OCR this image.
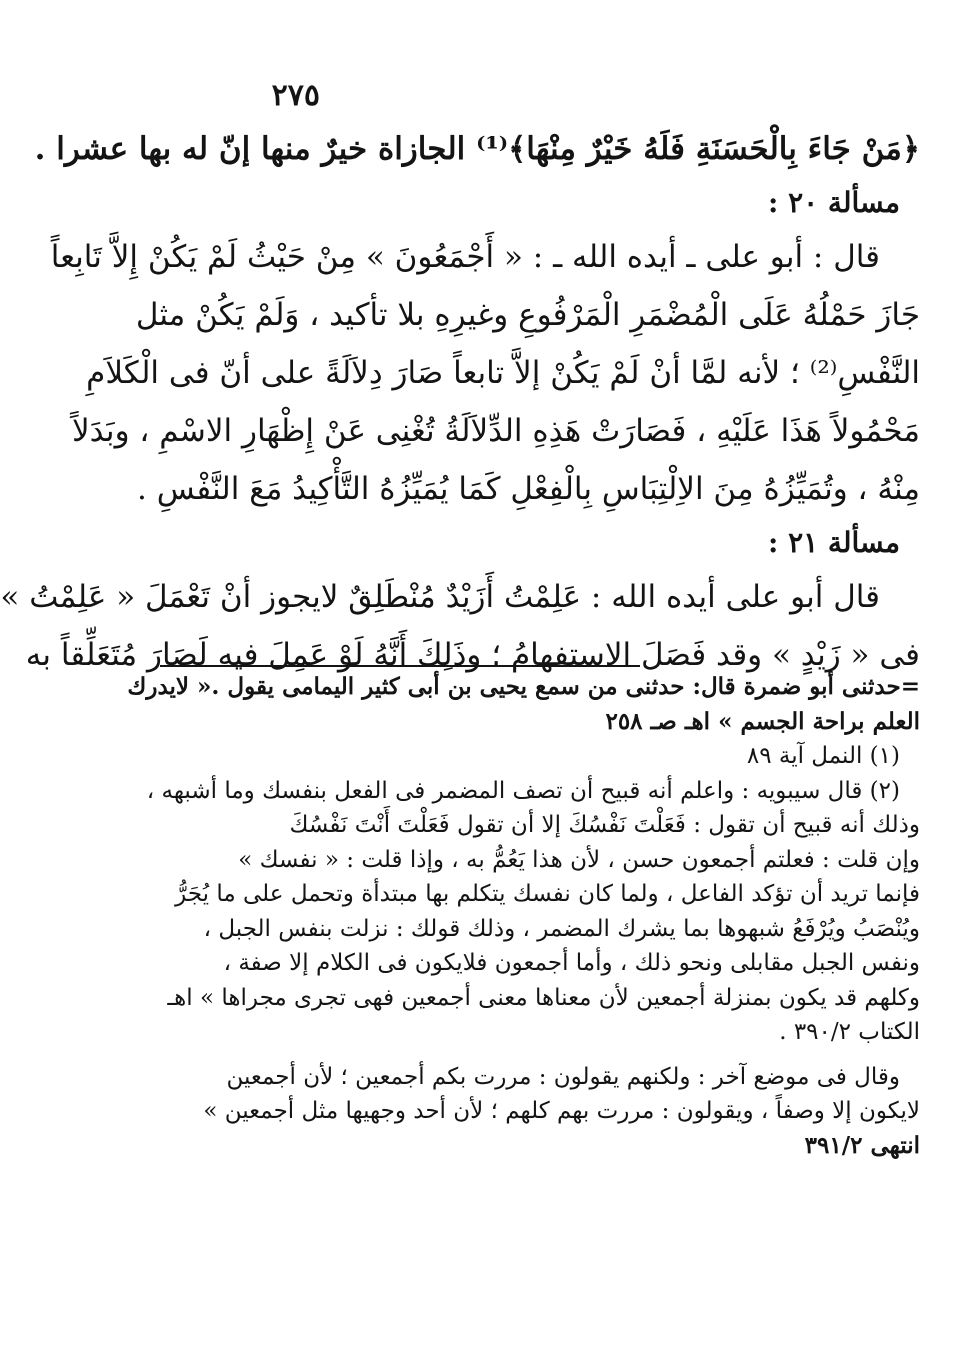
٢٧٥
﴿مَنْ جَاءَ بِالْحَسَنَةِ فَلَهُ خَيْرٌ مِنْهَا﴾⁽¹⁾ الجازاة خيرٌ منها إنّ له بها عشرا .
مسألة ٢٠ :
قال : أبو على ـ أيده الله ـ : « أَجْمَعُونَ » مِنْ حَيْثُ لَمْ يَكُنْ إِلاَّ تَابِعاً
جَازَ حَمْلُهُ عَلَى الْمُضْمَرِ الْمَرْفُوعِ وغيرِهِ بلا تأكيد ، وَلَمْ يَكُنْ مثل
النَّفْسِ⁽²⁾ ؛ لأنه لمَّا أنْ لَمْ يَكُنْ إلاَّ تابعاً صَارَ دِلاَلَةً على أنّ فى الْكَلاَمِ
مَحْمُولاً هَذَا عَلَيْهِ ، فَصَارَتْ هَذِهِ الدِّلاَلَةُ تُغْنِى عَنْ إِظْهَارِ الاسْمِ ، وبَدَلاً
مِنْهُ ، وتُمَيِّزُهُ مِنَ الاِلْتِبَاسِ بِالْفِعْلِ كَمَا يُمَيِّزُهُ التَّأْكِيدُ مَعَ النَّفْسِ .
مسألة ٢١ :
قال أبو على أيده الله : عَلِمْتُ أَزَيْدٌ مُنْطَلِقٌ لايجوز أنْ تَعْمَلَ « عَلِمْتُ »
فى « زَيْدٍ » وقد فَصَلَ الاستفهامُ ؛ وذَلِكَ أَنَّهُ لَوْ عَمِلَ فيه لَصَارَ مُتَعَلِّقاً به
=حدثنى أبو ضمرة قال: حدثنى من سمع يحيى بن أبى كثير اليمامى يقول .« لايدرك
العلم براحة الجسم » اهـ صـ ٢٥٨
(١) النمل آية ٨٩
(٢) قال سيبويه : واعلم أنه قبيح أن تصف المضمر فى الفعل بنفسك وما أشبهه ،
وذلك أنه قبيح أن تقول : فَعَلْتَ نَفْسُكَ إلا أن تقول فَعَلْتَ أَنْتَ نَفْسُكَ
وإن قلت : فعلتم أجمعون حسن ، لأن هذا يَعُمُّ به ، وإذا قلت : « نفسك »
فإنما تريد أن تؤكد الفاعل ، ولما كان نفسك يتكلم بها مبتدأة وتحمل على ما يُجَرُّ
ويُنْصَبُ ويُرْفَعُ شبهوها بما يشرك المضمر ، وذلك قولك : نزلت بنفس الجبل ،
ونفس الجبل مقابلى ونحو ذلك ، وأما أجمعون فلايكون فى الكلام إلا صفة ،
وكلهم قد يكون بمنزلة أجمعين لأن معناها معنى أجمعين فهى تجرى مجراها » اهـ
الكتاب ٣٩٠/٢ .
وقال فى موضع آخر : ولكنهم يقولون : مررت بكم أجمعين ؛ لأن أجمعين
لايكون إلا وصفاً ، ويقولون : مررت بهم كلهم ؛ لأن أحد وجهيها مثل أجمعين »
انتهى ٣٩١/٢
